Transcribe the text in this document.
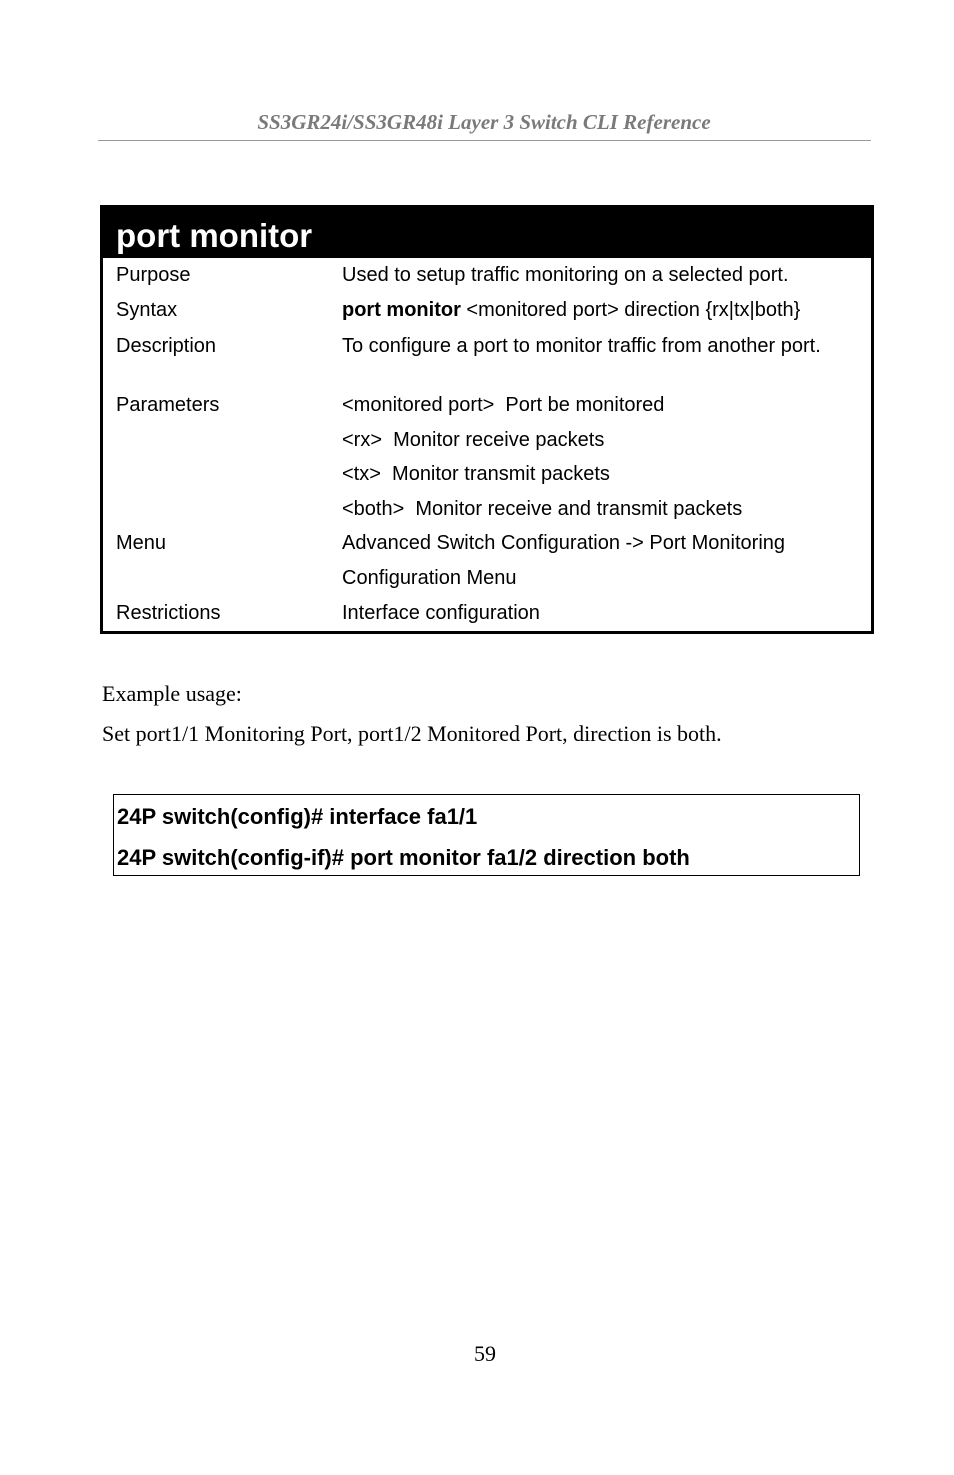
SS3GR24i/SS3GR48i Layer 3 Switch CLI Reference
port monitor
Purpose	Used to setup traffic monitoring on a selected port.
Syntax	port monitor <monitored port> direction {rx|tx|both}
Description	To configure a port to monitor traffic from another port.
Parameters	<monitored port>  Port be monitored
<rx>  Monitor receive packets
<tx>  Monitor transmit packets
<both>  Monitor receive and transmit packets
Menu	Advanced Switch Configuration -> Port Monitoring
Configuration Menu
Restrictions	Interface configuration
Example usage:
Set port1/1 Monitoring Port, port1/2 Monitored Port, direction is both.
24P switch(config)# interface fa1/1
24P switch(config-if)# port monitor fa1/2 direction both
59
